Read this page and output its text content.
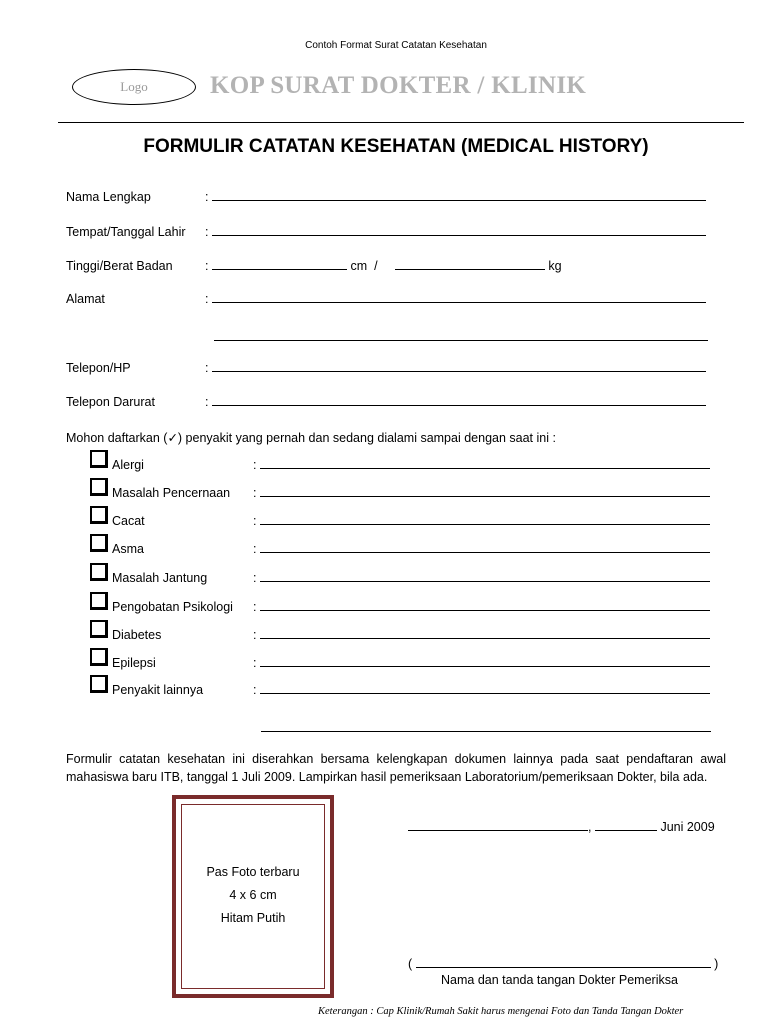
Contoh Format Surat Catatan Kesehatan
Logo	KOP SURAT DOKTER / KLINIK
FORMULIR CATATAN KESEHATAN (MEDICAL HISTORY)
Nama Lengkap	:
Tempat/Tanggal Lahir :
Tinggi/Berat Badan	:	cm /	kg
Alamat	:
Telepon/HP	:
Telepon Darurat	:
Mohon daftarkan (✓) penyakit yang pernah dan sedang dialami sampai dengan saat ini :
Alergi	:
Masalah Pencernaan :
Cacat	:
Asma	:
Masalah Jantung	:
Pengobatan Psikologi :
Diabetes	:
Epilepsi	:
Penyakit lainnya	:
Formulir catatan kesehatan ini diserahkan bersama kelengkapan dokumen lainnya pada saat pendaftaran awal mahasiswa baru ITB, tanggal 1 Juli 2009. Lampirkan hasil pemeriksaan Laboratorium/pemeriksaan Dokter, bila ada.
Pas Foto terbaru
4 x 6 cm
Hitam Putih
,	Juni 2009
(	)
Nama dan tanda tangan Dokter Pemeriksa
Keterangan : Cap Klinik/Rumah Sakit harus mengenai Foto dan Tanda Tangan Dokter
